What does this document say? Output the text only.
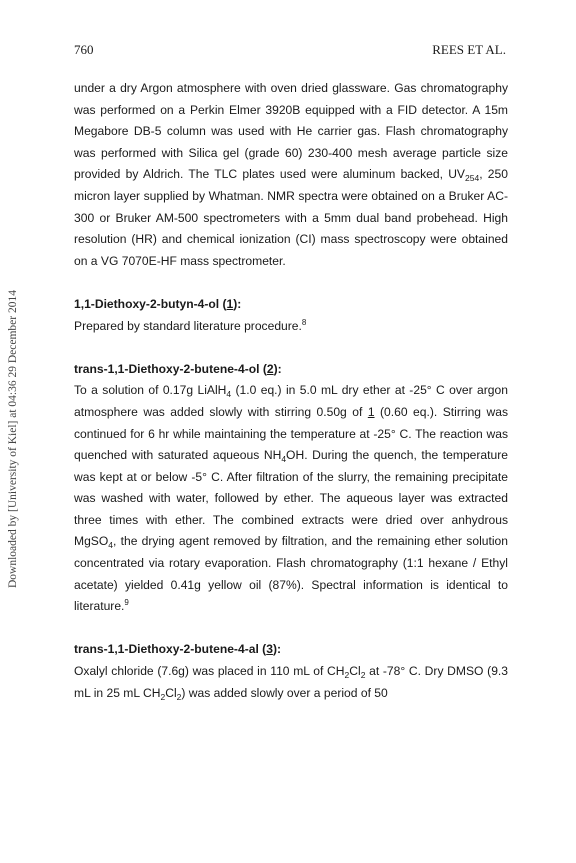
760	REES ET AL.
Downloaded by [University of Kiel] at 04:36 29 December 2014

under a dry Argon atmosphere with oven dried glassware. Gas chromatography was performed on a Perkin Elmer 3920B equipped with a FID detector. A 15m Megabore DB-5 column was used with He carrier gas. Flash chromatography was performed with Silica gel (grade 60) 230-400 mesh average particle size provided by Aldrich. The TLC plates used were aluminum backed, $UV_{254}$, 250 micron layer supplied by Whatman. NMR spectra were obtained on a Bruker AC-300 or Bruker AM-500 spectrometers with a 5mm dual band probehead. High resolution (HR) and chemical ionization (CI) mass spectroscopy were obtained on a VG 7070E-HF mass spectrometer.

1,1-Diethoxy-2-butyn-4-ol (1):

Prepared by standard literature procedure.$^8$

trans-1,1-Diethoxy-2-butene-4-ol (2):

To a solution of 0.17g LiAlH$_4$ (1.0 eq.) in 5.0 mL dry ether at -25° C over argon atmosphere was added slowly with stirring 0.50g of 1 (0.60 eq.). Stirring was continued for 6 hr while maintaining the temperature at -25° C. The reaction was quenched with saturated aqueous $NH_4OH$. During the quench, the temperature was kept at or below -5° C. After filtration of the slurry, the remaining precipitate was washed with water, followed by ether. The aqueous layer was extracted three times with ether. The combined extracts were dried over anhydrous MgSO$_4$, the drying agent removed by filtration, and the remaining ether solution concentrated via rotary evaporation. Flash chromatography (1:1 hexane / Ethyl acetate) yielded 0.41g yellow oil (87%). Spectral information is identical to literature.$^9$

trans-1,1-Diethoxy-2-butene-4-al (3):

Oxalyl chloride (7.6g) was placed in 110 mL of $CH_2Cl_2$ at -78° C. Dry DMSO (9.3 mL in 25 mL $CH_2Cl_2$) was added slowly over a period of 50
